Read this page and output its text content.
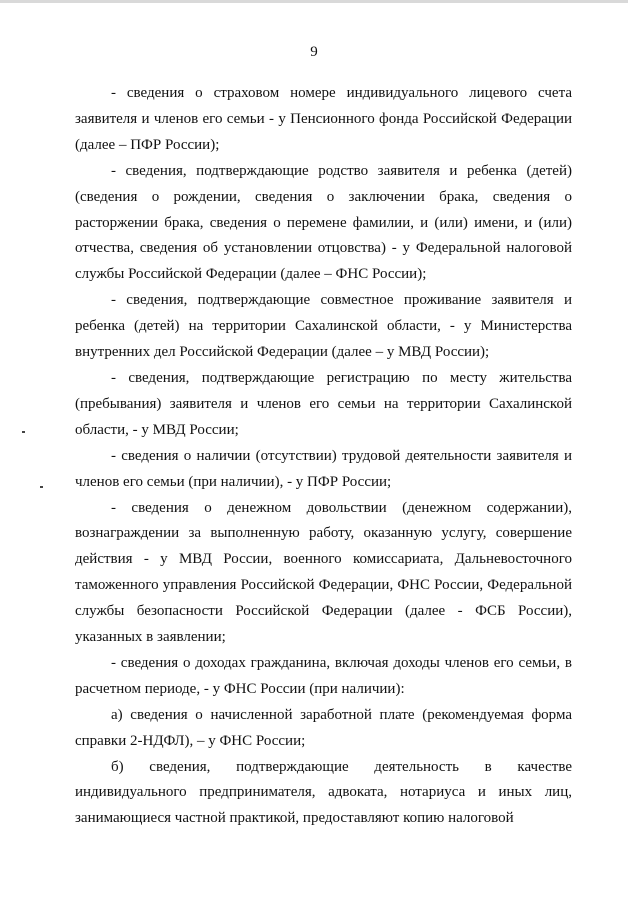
9

- сведения о страховом номере индивидуального лицевого счета заявителя и членов его семьи - у Пенсионного фонда Российской Федерации (далее – ПФР России);

- сведения, подтверждающие родство заявителя и ребенка (детей) (сведения о рождении, сведения о заключении брака, сведения о расторжении брака, сведения о перемене фамилии, и (или) имени, и (или) отчества, сведения об установлении отцовства) - у Федеральной налоговой службы Российской Федерации (далее – ФНС России);

- сведения, подтверждающие совместное проживание заявителя и ребенка (детей) на территории Сахалинской области, - у Министерства внутренних дел Российской Федерации (далее – у МВД России);

- сведения, подтверждающие регистрацию по месту жительства (пребывания) заявителя и членов его семьи на территории Сахалинской области, - у МВД России;

- сведения о наличии (отсутствии) трудовой деятельности заявителя и членов его семьи (при наличии), - у ПФР России;

- сведения о денежном довольствии (денежном содержании), вознаграждении за выполненную работу, оказанную услугу, совершение действия - у МВД России, военного комиссариата, Дальневосточного таможенного управления Российской Федерации, ФНС России, Федеральной службы безопасности Российской Федерации (далее - ФСБ России), указанных в заявлении;

- сведения о доходах гражданина, включая доходы членов его семьи, в расчетном периоде, - у ФНС России (при наличии):

а) сведения о начисленной заработной плате (рекомендуемая форма справки 2-НДФЛ), – у ФНС России;

б) сведения, подтверждающие деятельность в качестве индивидуального предпринимателя, адвоката, нотариуса и иных лиц, занимающиеся частной практикой, предоставляют копию налоговой
